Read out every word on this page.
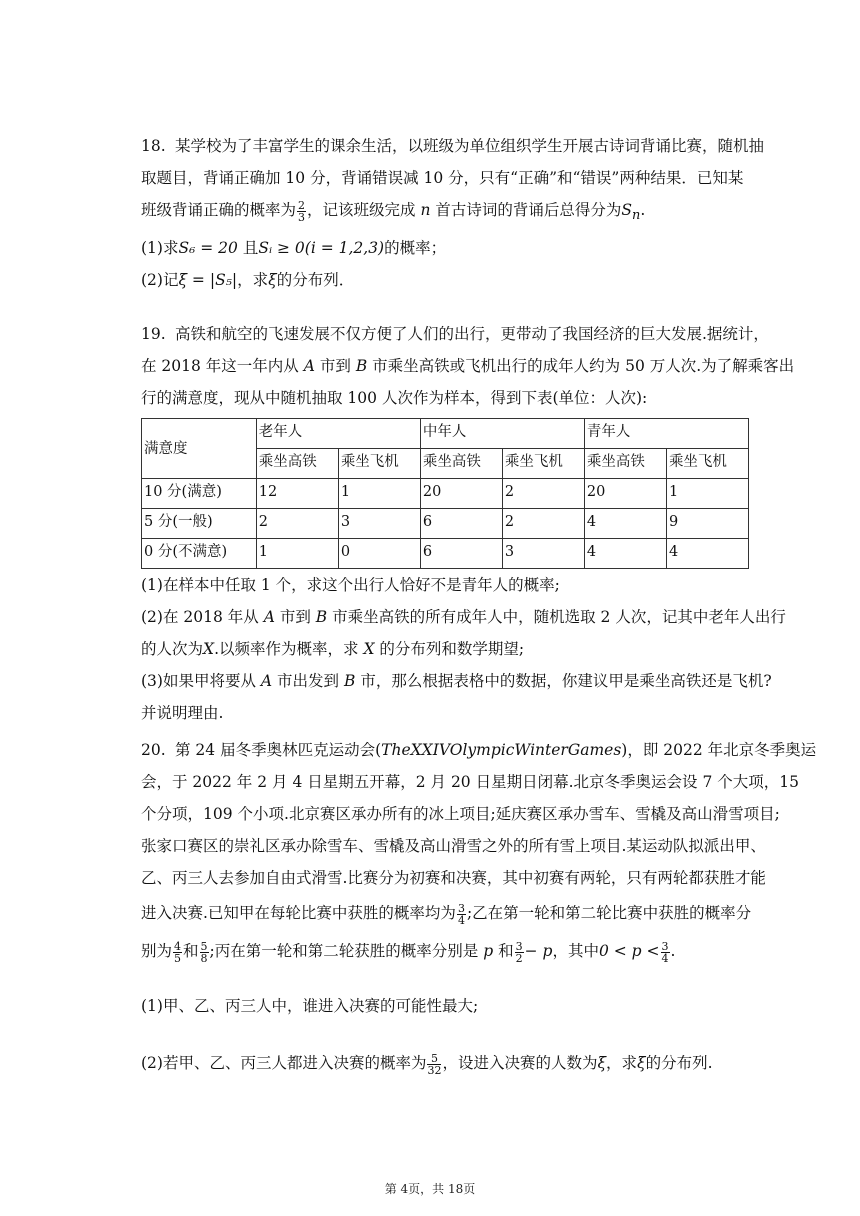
18. 某学校为了丰富学生的课余生活，以班级为单位组织学生开展古诗词背诵比赛，随机抽
取题目，背诵正确加 10 分，背诵错误减 10 分，只有“正确”和“错误”两种结果．已知某
班级背诵正确的概率为 $\frac{2}{3}$ ，记该班级完成 n 首古诗词的背诵后总得分为$S_n$.
(1)求S₆ = 20 且Sᵢ ≥ 0(i = 1,2,3)的概率；
(2)记ξ = |S₅|，求ξ的分布列．
19. 高铁和航空的飞速发展不仅方便了人们的出行，更带动了我国经济的巨大发展.据统计，
在 2018 年这一年内从 A 市到 B 市乘坐高铁或飞机出行的成年人约为 50 万人次.为了解乘客出
行的满意度，现从中随机抽取 100 人次作为样本，得到下表(单位：人次):
满意度	老年人		中年人		青年人	
	乘坐高铁	乘坐飞机	乘坐高铁	乘坐飞机	乘坐高铁	乘坐飞机
10 分(满意)	12	1	20	2	20	1
5 分(一般)	2	3	6	2	4	9
0 分(不满意)	1	0	6	3	4	4
(1)在样本中任取 1 个，求这个出行人恰好不是青年人的概率;
(2)在 2018 年从 A 市到 B 市乘坐高铁的所有成年人中，随机选取 2 人次，记其中老年人出行
的人次为X.以频率作为概率，求 X 的分布列和数学期望;
(3)如果甲将要从 A 市出发到 B 市，那么根据表格中的数据，你建议甲是乘坐高铁还是飞机?
并说明理由.
20. 第 24 届冬季奥林匹克运动会(TheXXIVOlympicWinterGames)，即 2022 年北京冬季奥运
会，于 2022 年 2 月 4 日星期五开幕，2 月 20 日星期日闭幕.北京冬季奥运会设 7 个大项，15
个分项，109 个小项.北京赛区承办所有的冰上项目;延庆赛区承办雪车、雪橇及高山滑雪项目;
张家口赛区的崇礼区承办除雪车、雪橇及高山滑雪之外的所有雪上项目.某运动队拟派出甲、
乙、丙三人去参加自由式滑雪.比赛分为初赛和决赛，其中初赛有两轮，只有两轮都获胜才能
进入决赛.已知甲在每轮比赛中获胜的概率均为 $\frac{3}{4}$ ;乙在第一轮和第二轮比赛中获胜的概率分
别为 $\frac{4}{5}$ 和 $\frac{5}{8}$ ;丙在第一轮和第二轮获胜的概率分别是 p 和 $\frac{3}{2} - p$，其中$0 < p < \frac{3}{4}$ .
(1)甲、乙、丙三人中，谁进入决赛的可能性最大;
(2)若甲、乙、丙三人都进入决赛的概率为 $\frac{5}{32}$ ，设进入决赛的人数为ξ，求ξ的分布列.
第 4页，共 18页
